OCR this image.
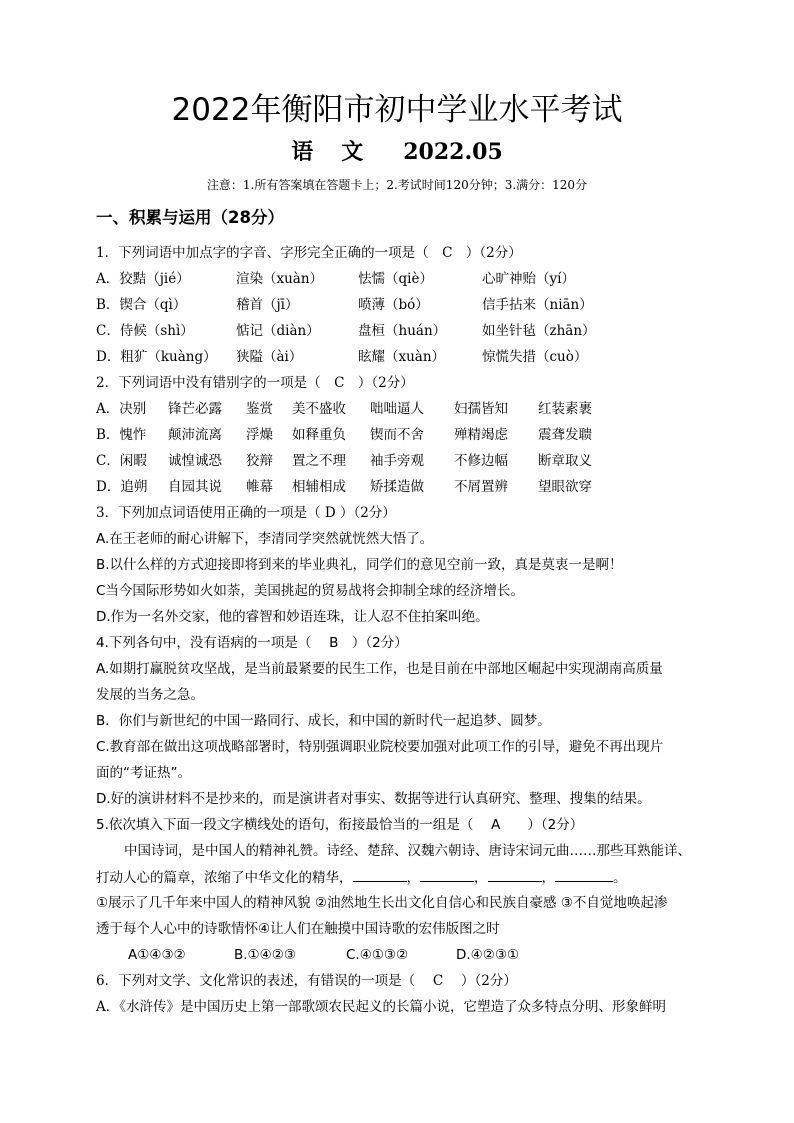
2022年衡阳市初中学业水平考试
语 文 2022.05
注意：1.所有答案填在答题卡上；2.考试时间120分钟；3.满分：120分
一、积累与运用（28分）
1．下列词语中加点字的字音、字形完全正确的一项是（　C　）（2分）
A．狡黠（jié）	渲染（xuàn）	怯懦（qiè）	心旷神贻（yí）
B．锲合（qì）	稽首（jī）	喷薄（bó）	信手拈来（niān）
C．侍候（shì）	惦记（diàn）	盘桓（huán）	如坐针毡（zhān）
D．粗犷（kuàng） 狭隘（ài）	眩耀（xuàn）	惊慌失措（cuò）
2．下列词语中没有错别字的一项是（　C　）（2分）
A．决别 锋芒必露 鉴赏 美不盛收 咄咄逼人 妇孺皆知 红装素裹
B．愧怍 颠沛流离 浮燥 如释重负 锲而不舍 殚精竭虑 震聋发聩
C．闲暇 诚惶诚恐 狡辩 置之不理 袖手旁观 不修边幅 断章取义
D．追朔 自园其说 帷幕 相辅相成 矫揉造做 不屑置辨 望眼欲穿
3．下列加点词语使用正确的一项是（ D ）（2分）
A.在王老师的耐心讲解下，李清同学突然就恍然大悟了。
B.以什么样的方式迎接即将到来的毕业典礼，同学们的意见空前一致，真是莫衷一是啊！
C当今国际形势如火如荼，美国挑起的贸易战将会抑制全球的经济增长。
D.作为一名外交家，他的睿智和妙语连珠，让人忍不住拍案叫绝。
4.下列各句中，没有语病的一项是（　 B　）（2分）
A.如期打赢脱贫攻坚战，是当前最紧要的民生工作，也是目前在中部地区崛起中实现湖南高质量
发展的当务之急。
B．你们与新世纪的中国一路同行、成长，和中国的新时代一起追梦、圆梦。
C.教育部在做出这项战略部署时，特别强调职业院校要加强对此项工作的引导，避免不再出现片
面的“考证热”。
D.好的演讲材料不是抄来的，而是演讲者对事实、数据等进行认真研究、整理、搜集的结果。
5.依次填入下面一段文字横线处的语句，衔接最恰当的一组是（　 A　　）（2分）
中国诗词，是中国人的精神礼赞。诗经、楚辞、汉魏六朝诗、唐诗宋词元曲……那些耳熟能详、
打动人心的篇章，浓缩了中华文化的精华，	，	，	，	。
①展示了几千年来中国人的精神风貌 ②油然地生长出文化自信心和民族自豪感 ③不自觉地唤起渗
透于每个人心中的诗歌情怀④让人们在触摸中国诗歌的宏伟版图之时
A①④③②	B.①④②③	C.④①③②	D.④②③①
6．下列对文学、文化常识的表述，有错误的一项是（　 C　 ）（2分）
A．《水浒传》是中国历史上第一部歌颂农民起义的长篇小说，它塑造了众多特点分明、形象鲜明
